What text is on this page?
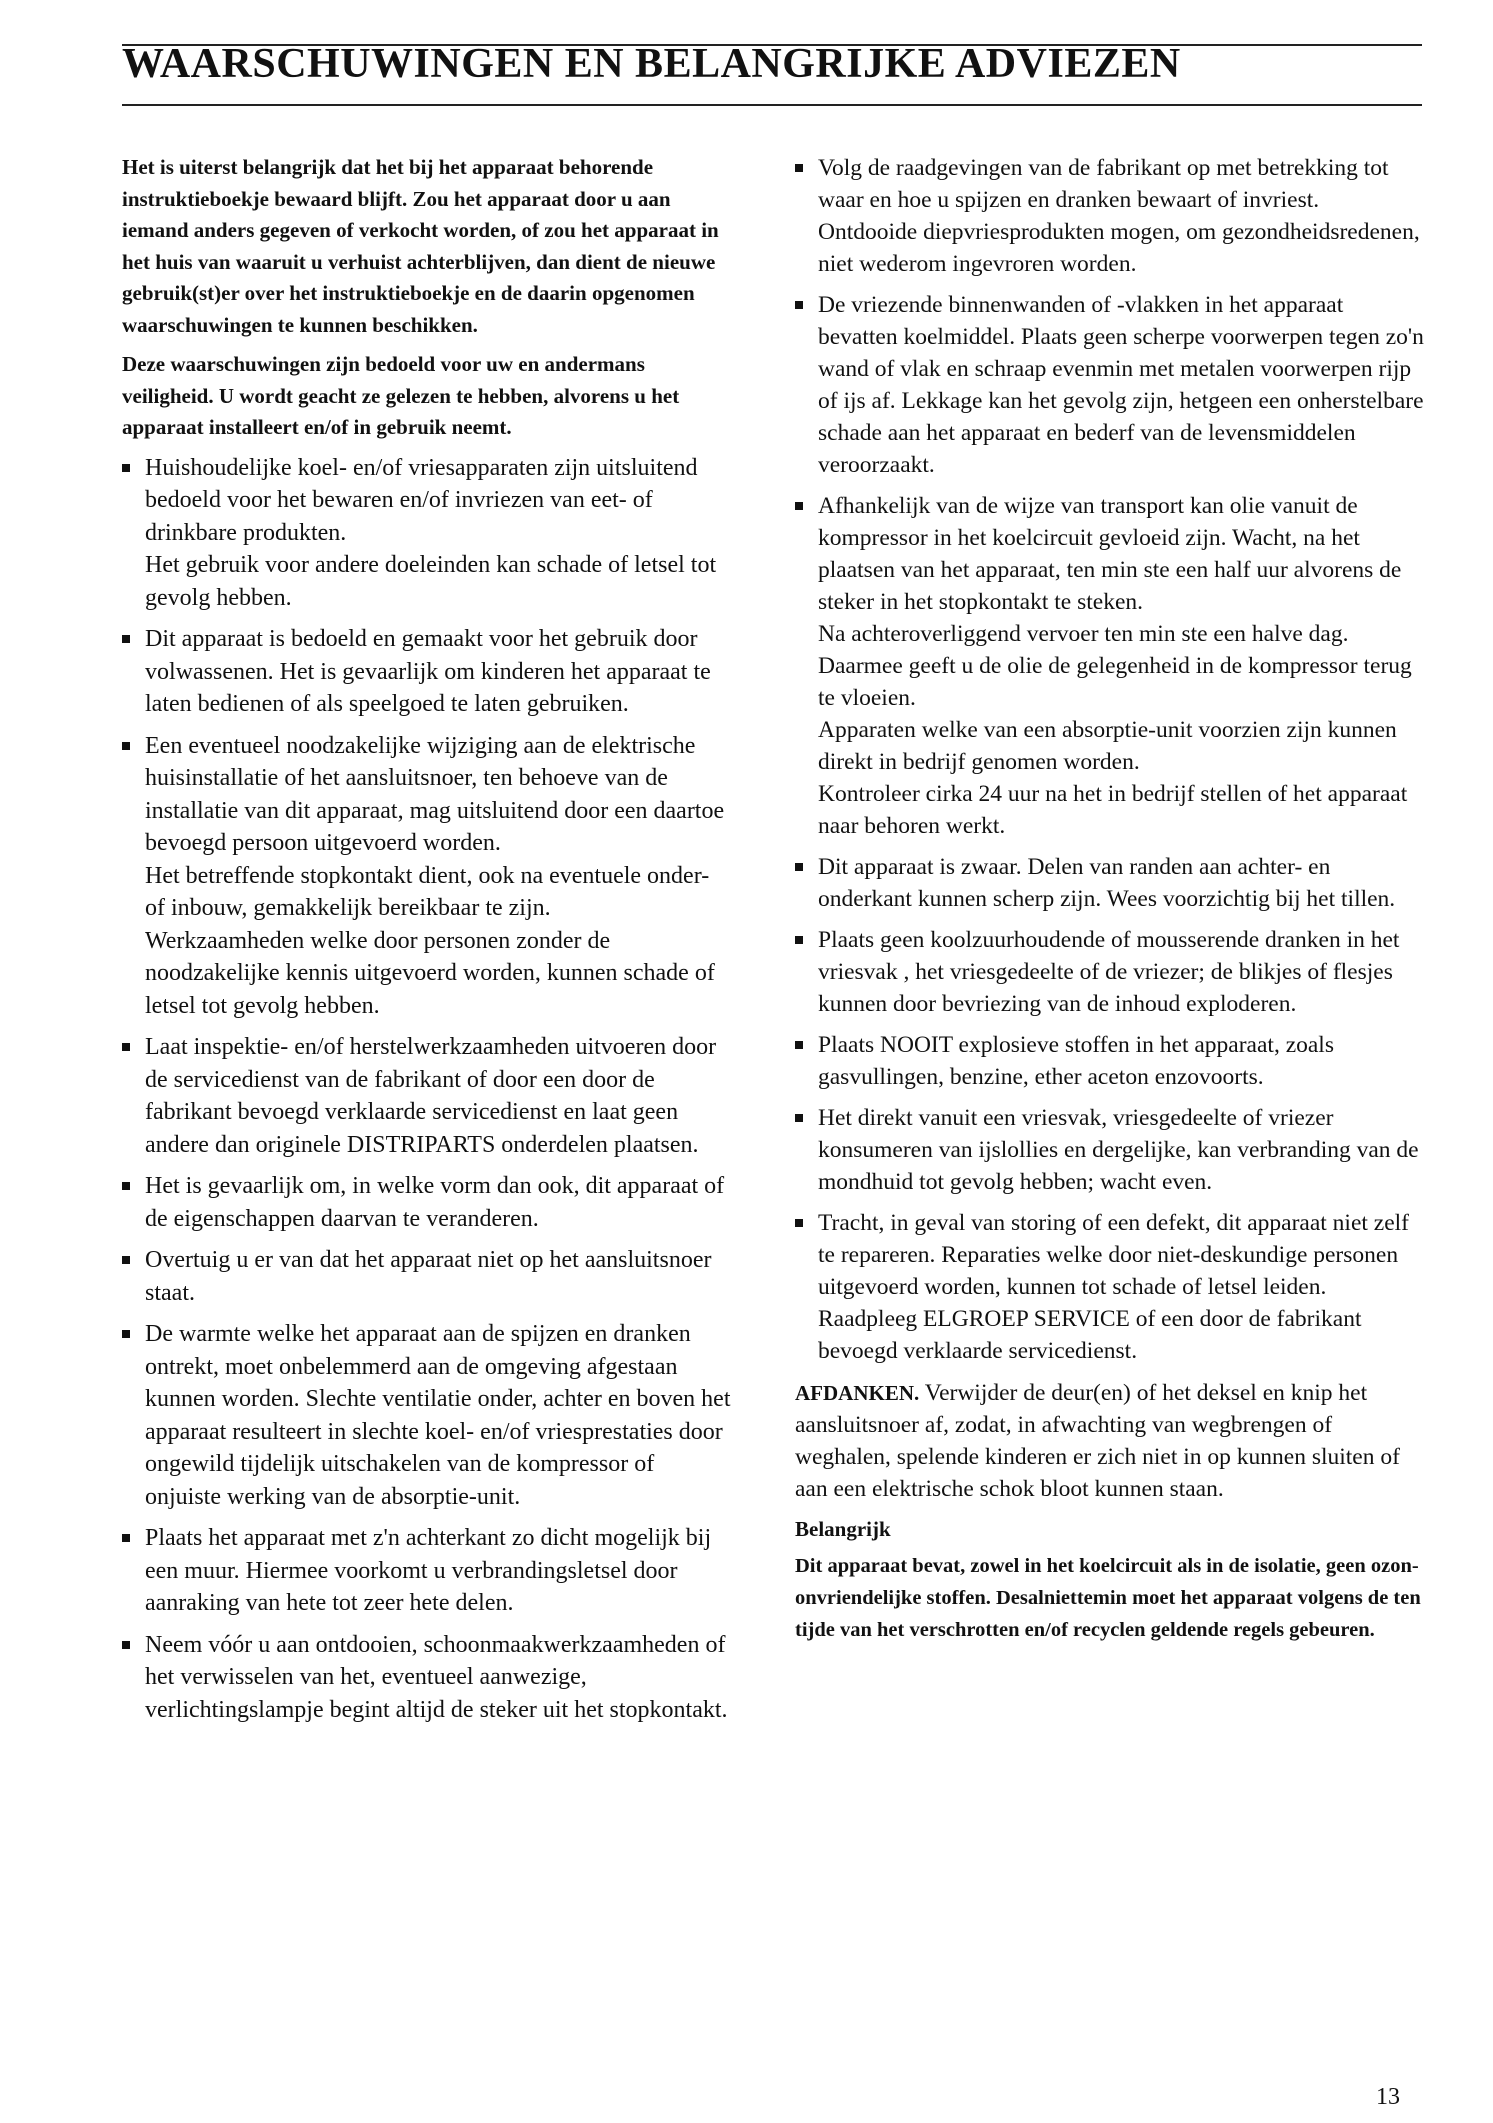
WAARSCHUWINGEN EN BELANGRIJKE ADVIEZEN

Het is uiterst belangrijk dat het bij het apparaat behorende instruktieboekje bewaard blijft. Zou het apparaat door u aan iemand anders gegeven of verkocht worden, of zou het apparaat in het huis van waaruit u verhuist achterblijven, dan dient de nieuwe gebruik(st)er over het instruktieboekje en de daarin opgenomen waarschuwingen te kunnen beschikken.

Deze waarschuwingen zijn bedoeld voor uw en andermans veiligheid. U wordt geacht ze gelezen te hebben, alvorens u het apparaat installeert en/of in gebruik neemt.

Huishoudelijke koel- en/of vriesapparaten zijn uitsluitend bedoeld voor het bewaren en/of invriezen van eet- of drinkbare produkten.
Het gebruik voor andere doeleinden kan schade of letsel tot gevolg hebben.
Dit apparaat is bedoeld en gemaakt voor het gebruik door volwassenen. Het is gevaarlijk om kinderen het apparaat te laten bedienen of als speelgoed te laten gebruiken.
Een eventueel noodzakelijke wijziging aan de elektrische huisinstallatie of het aansluitsnoer, ten behoeve van de installatie van dit apparaat, mag uitsluitend door een daartoe bevoegd persoon uitgevoerd worden.
Het betreffende stopkontakt dient, ook na eventuele onder- of inbouw, gemakkelijk bereikbaar te zijn.
Werkzaamheden welke door personen zonder de noodzakelijke kennis uitgevoerd worden, kunnen schade of letsel tot gevolg hebben.
Laat inspektie- en/of herstelwerkzaamheden uitvoeren door de servicedienst van de fabrikant of door een door de fabrikant bevoegd verklaarde servicedienst en laat geen andere dan originele DISTRIPARTS onderdelen plaatsen.
Het is gevaarlijk om, in welke vorm dan ook, dit apparaat of de eigenschappen daarvan te veranderen.
Overtuig u er van dat het apparaat niet op het aansluitsnoer staat.
De warmte welke het apparaat aan de spijzen en dranken ontrekt, moet onbelemmerd aan de omgeving afgestaan kunnen worden. Slechte ventilatie onder, achter en boven het apparaat resulteert in slechte koel- en/of vriesprestaties door ongewild tijdelijk uitschakelen van de kompressor of onjuiste werking van de absorptie-unit.
Plaats het apparaat met z'n achterkant zo dicht mogelijk bij een muur. Hiermee voorkomt u verbrandingsletsel door aanraking van hete tot zeer hete delen.
Neem vóór u aan ontdooien, schoonmaakwerkzaamheden of het verwisselen van het, eventueel aanwezige, verlichtingslampje begint altijd de steker uit het stopkontakt.
Volg de raadgevingen van de fabrikant op met betrekking tot waar en hoe u spijzen en dranken bewaart of invriest.
Ontdooide diepvriesprodukten mogen, om gezondheidsredenen, niet wederom ingevroren worden.
De vriezende binnenwanden of -vlakken in het apparaat bevatten koelmiddel. Plaats geen scherpe voorwerpen tegen zo'n wand of vlak en schraap evenmin met metalen voorwerpen rijp of ijs af. Lekkage kan het gevolg zijn, hetgeen een onherstelbare schade aan het apparaat en bederf van de levensmiddelen veroorzaakt.
Afhankelijk van de wijze van transport kan olie vanuit de kompressor in het koelcircuit gevloeid zijn. Wacht, na het plaatsen van het apparaat, ten min ste een half uur alvorens de steker in het stopkontakt te steken.
Na achteroverliggend vervoer ten min ste een halve dag. Daarmee geeft u de olie de gelegenheid in de kompressor terug te vloeien.
Apparaten welke van een absorptie-unit voorzien zijn kunnen direkt in bedrijf genomen worden.
Kontroleer cirka 24 uur na het in bedrijf stellen of het apparaat naar behoren werkt.
Dit apparaat is zwaar. Delen van randen aan achter- en onderkant kunnen scherp zijn. Wees voorzichtig bij het tillen.
Plaats geen koolzuurhoudende of mousserende dranken in het vriesvak , het vriesgedeelte of de vriezer; de blikjes of flesjes kunnen door bevriezing van de inhoud exploderen.
Plaats NOOIT explosieve stoffen in het apparaat, zoals gasvullingen, benzine, ether aceton enzovoorts.
Het direkt vanuit een vriesvak, vriesgedeelte of vriezer konsumeren van ijslollies en dergelijke, kan verbranding van de mondhuid tot gevolg hebben; wacht even.
Tracht, in geval van storing of een defekt, dit apparaat niet zelf te repareren. Reparaties welke door niet-deskundige personen uitgevoerd worden, kunnen tot schade of letsel leiden.
Raadpleeg ELGROEP SERVICE of een door de fabrikant bevoegd verklaarde servicedienst.

AFDANKEN. Verwijder de deur(en) of het deksel en knip het aansluitsnoer af, zodat, in afwachting van wegbrengen of weghalen, spelende kinderen er zich niet in op kunnen sluiten of aan een elektrische schok bloot kunnen staan.

Belangrijk

Dit apparaat bevat, zowel in het koelcircuit als in de isolatie, geen ozon-onvriendelijke stoffen. Desalniettemin moet het apparaat volgens de ten tijde van het verschrotten en/of recyclen geldende regels gebeuren.

13
